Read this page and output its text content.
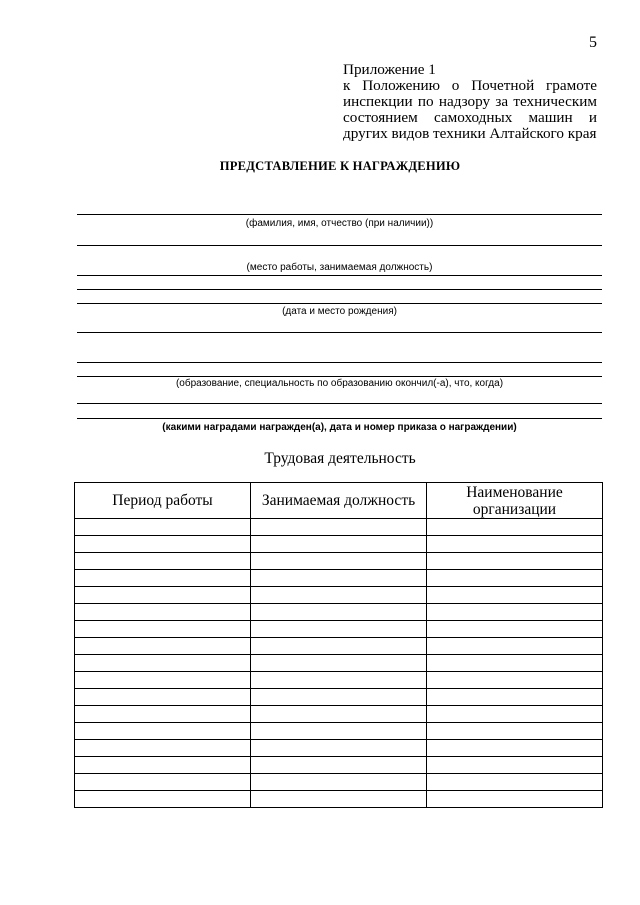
5
Приложение 1
к Положению о Почетной грамоте инспекции по надзору за техническим состоянием самоходных машин и других видов техники Алтайского края
ПРЕДСТАВЛЕНИЕ К НАГРАЖДЕНИЮ
(фамилия, имя, отчество (при наличии))
(место работы, занимаемая должность)
(дата и место рождения)
(образование, специальность по образованию окончил(-а), что, когда)
(какими наградами награжден(а), дата и номер приказа о награждении)
Трудовая деятельность
Период работы	Занимаемая должность	Наименование организации
